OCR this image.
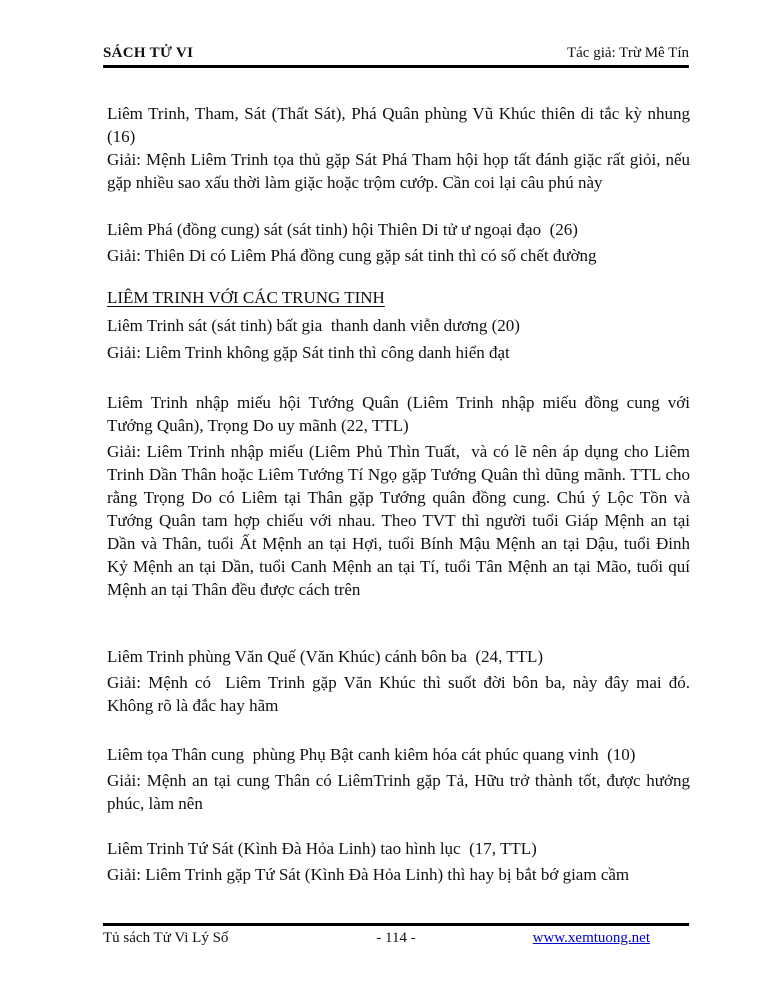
SÁCH TỬ VI	Tác giả: Trừ Mê Tín

Liêm Trinh, Tham, Sát (Thất Sát), Phá Quân phùng Vũ Khúc thiên di tắc kỳ nhung (16)

Giải: Mệnh Liêm Trinh tọa thủ gặp Sát Phá Tham hội họp tất đánh giặc rất giỏi, nếu gặp nhiều sao xấu thời làm giặc hoặc trộm cướp. Cần coi lại câu phú này

Liêm Phá (đồng cung) sát (sát tinh) hội Thiên Di tử ư ngoại đạo  (26)

Giải: Thiên Di có Liêm Phá đồng cung gặp sát tinh thì có số chết đường

LIÊM TRINH VỚI CÁC TRUNG TINH

Liêm Trinh sát (sát tinh) bất gia  thanh danh viễn dương (20)

Giải: Liêm Trinh không gặp Sát tinh thì công danh hiển đạt

Liêm Trinh nhập miếu hội Tướng Quân (Liêm Trinh nhập miếu đồng cung với Tướng Quân), Trọng Do uy mãnh (22, TTL)

Giải: Liêm Trinh nhập miếu (Liêm Phủ Thìn Tuất,  và có lẽ nên áp dụng cho Liêm Trinh Dần Thân hoặc Liêm Tướng Tí Ngọ gặp Tướng Quân thì dũng mãnh. TTL cho rằng Trọng Do có Liêm tại Thân gặp Tướng quân đồng cung. Chú ý Lộc Tồn và Tướng Quân tam hợp chiếu với nhau. Theo TVT thì người tuổi Giáp Mệnh an tại Dần và Thân, tuổi Ất Mệnh an tại Hợi, tuổi Bính Mậu Mệnh an tại Dậu, tuổi Đinh Kỷ Mệnh an tại Dần, tuổi Canh Mệnh an tại Tí, tuổi Tân Mệnh an tại Mão, tuổi quí Mệnh an tại Thân đều được cách trên

Liêm Trinh phùng Văn Quế (Văn Khúc) cánh bôn ba  (24, TTL)

Giải: Mệnh có  Liêm Trinh gặp Văn Khúc thì suốt đời bôn ba, này đây mai đó. Không rõ là đắc hay hãm

Liêm tọa Thân cung  phùng Phụ Bật canh kiêm hóa cát phúc quang vinh  (10)

Giải: Mệnh an tại cung Thân có LiêmTrinh gặp Tả, Hữu trở thành tốt, được hưởng phúc, làm nên

Liêm Trinh Tứ Sát (Kình Đà Hỏa Linh) tao hình lục  (17, TTL)

Giải: Liêm Trinh gặp Tứ Sát (Kình Đà Hỏa Linh) thì hay bị bắt bớ giam cầm

Tủ sách Tử Vi Lý Số	- 114 -	www.xemtuong.net
